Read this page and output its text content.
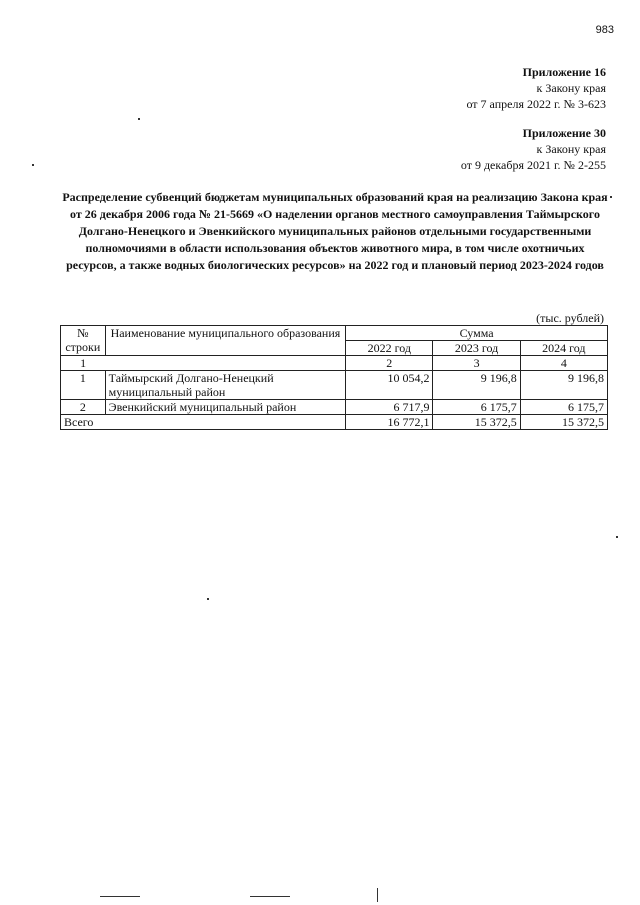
983
Приложение 16
к Закону края
от 7 апреля 2022 г. № 3-623
Приложение 30
к Закону края
от 9 декабря 2021 г. № 2-255
Распределение субвенций бюджетам муниципальных образований края на реализацию Закона края от 26 декабря 2006 года № 21-5669 «О наделении органов местного самоуправления Таймырского Долгано-Ненецкого и Эвенкийского муниципальных районов отдельными государственными полномочиями в области использования объектов животного мира, в том числе охотничьих ресурсов, а также водных биологических ресурсов» на 2022 год и плановый период 2023-2024 годов
(тыс. рублей)
№ строки	Наименование муниципального образования	Сумма		
		2022 год	2023 год	2024 год
1		2	3	4
1	Таймырский Долгано-Ненецкий муниципальный район	10 054,2	9 196,8	9 196,8
2	Эвенкийский муниципальный район	6 717,9	6 175,7	6 175,7
Всего		16 772,1	15 372,5	15 372,5
